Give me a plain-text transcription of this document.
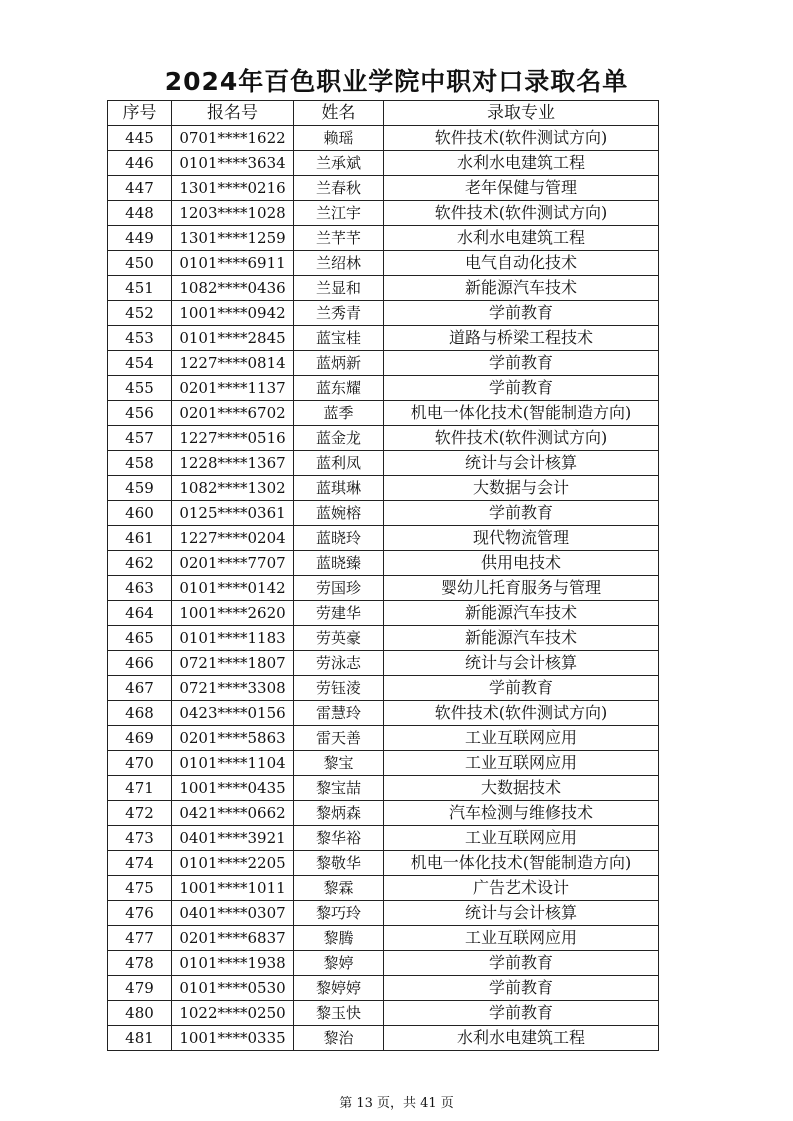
2024年百色职业学院中职对口录取名单
序号	报名号	姓名	录取专业
445	0701****1622	赖瑶	软件技术(软件测试方向)
446	0101****3634	兰承斌	水利水电建筑工程
447	1301****0216	兰春秋	老年保健与管理
448	1203****1028	兰江宇	软件技术(软件测试方向)
449	1301****1259	兰芊芊	水利水电建筑工程
450	0101****6911	兰绍林	电气自动化技术
451	1082****0436	兰显和	新能源汽车技术
452	1001****0942	兰秀青	学前教育
453	0101****2845	蓝宝桂	道路与桥梁工程技术
454	1227****0814	蓝炳新	学前教育
455	0201****1137	蓝东耀	学前教育
456	0201****6702	蓝季	机电一体化技术(智能制造方向)
457	1227****0516	蓝金龙	软件技术(软件测试方向)
458	1228****1367	蓝利凤	统计与会计核算
459	1082****1302	蓝琪琳	大数据与会计
460	0125****0361	蓝婉榕	学前教育
461	1227****0204	蓝晓玲	现代物流管理
462	0201****7707	蓝晓臻	供用电技术
463	0101****0142	劳国珍	婴幼儿托育服务与管理
464	1001****2620	劳建华	新能源汽车技术
465	0101****1183	劳英豪	新能源汽车技术
466	0721****1807	劳泳志	统计与会计核算
467	0721****3308	劳钰淩	学前教育
468	0423****0156	雷慧玲	软件技术(软件测试方向)
469	0201****5863	雷天善	工业互联网应用
470	0101****1104	黎宝	工业互联网应用
471	1001****0435	黎宝喆	大数据技术
472	0421****0662	黎炳森	汽车检测与维修技术
473	0401****3921	黎华裕	工业互联网应用
474	0101****2205	黎敬华	机电一体化技术(智能制造方向)
475	1001****1011	黎霖	广告艺术设计
476	0401****0307	黎巧玲	统计与会计核算
477	0201****6837	黎腾	工业互联网应用
478	0101****1938	黎婷	学前教育
479	0101****0530	黎婷婷	学前教育
480	1022****0250	黎玉快	学前教育
481	1001****0335	黎治	水利水电建筑工程
第 13 页，共 41 页
